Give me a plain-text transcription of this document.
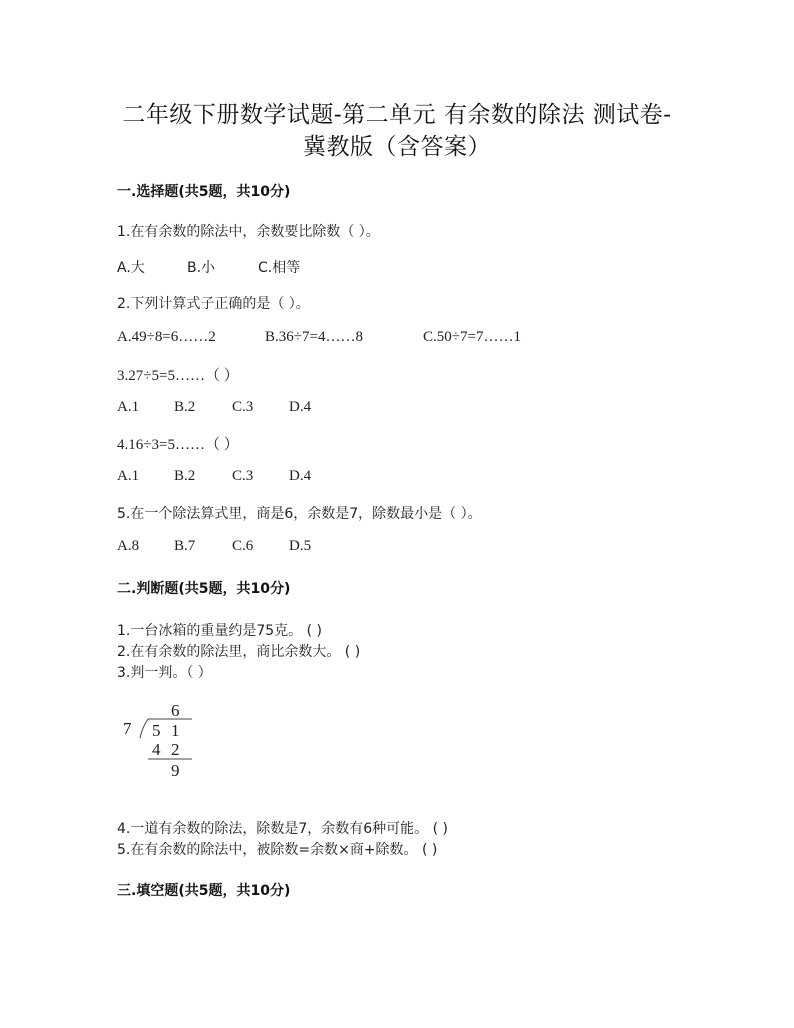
二年级下册数学试题-第二单元 有余数的除法 测试卷-
冀教版（含答案）
一.选择题(共5题，共10分)
1.在有余数的除法中，余数要比除数（ ）。
A.大	B.小	C.相等
2.下列计算式子正确的是（ ）。
A.49÷8=6……2	B.36÷7=4……8	C.50÷7=7……1
3.27÷5=5……（ ）
A.1 B.2 C.3 D.4
4.16÷3=5……（ ）
A.1 B.2 C.3 D.4
5.在一个除法算式里，商是6，余数是7，除数最小是（ ）。
A.8 B.7 C.6 D.5
二.判断题(共5题，共10分)
1.一台冰箱的重量约是75克。 ( )
2.在有余数的除法里，商比余数大。 ( )
3.判一判。（ ）
6
7 5 1
4 2
9
4.一道有余数的除法，除数是7，余数有6种可能。 ( )
5.在有余数的除法中，被除数=余数×商+除数。 ( )
三.填空题(共5题，共10分)
